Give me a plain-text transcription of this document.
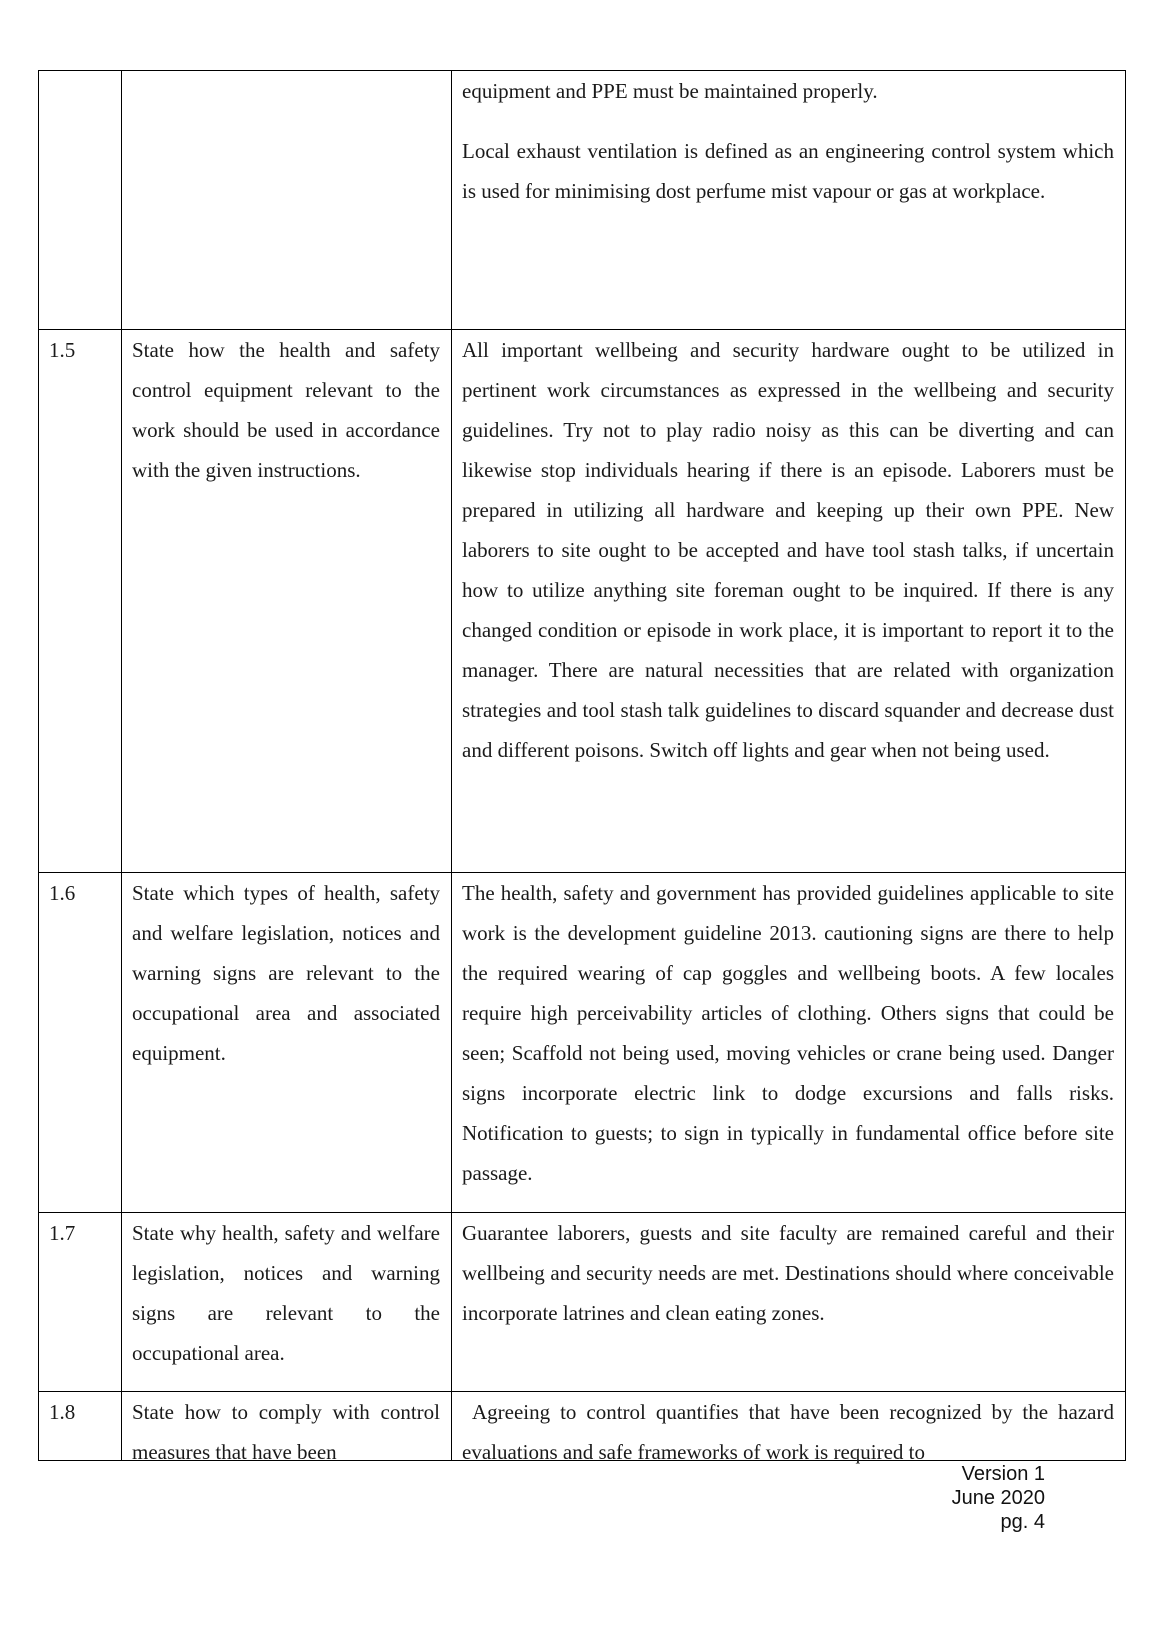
		equipment and PPE must be maintained properly.

Local exhaust ventilation is defined as an engineering control system which is used for minimising dost perfume mist vapour or gas at workplace.

1.5	State how the health and safety control equipment relevant to the work should be used in accordance with the given instructions.	All important wellbeing and security hardware ought to be utilized in pertinent work circumstances as expressed in the wellbeing and security guidelines. Try not to play radio noisy as this can be diverting and can likewise stop individuals hearing if there is an episode. Laborers must be prepared in utilizing all hardware and keeping up their own PPE. New laborers to site ought to be accepted and have tool stash talks, if uncertain how to utilize anything site foreman ought to be inquired. If there is any changed condition or episode in work place, it is important to report it to the manager. There are natural necessities that are related with organization strategies and tool stash talk guidelines to discard squander and decrease dust and different poisons. Switch off lights and gear when not being used.

1.6	State which types of health, safety and welfare legislation, notices and warning signs are relevant to the occupational area and associated equipment.	The health, safety and government has provided guidelines applicable to site work is the development guideline 2013. cautioning signs are there to help the required wearing of cap goggles and wellbeing boots. A few locales require high perceivability articles of clothing. Others signs that could be seen; Scaffold not being used, moving vehicles or crane being used. Danger signs incorporate electric link to dodge excursions and falls risks. Notification to guests; to sign in typically in fundamental office before site passage.

1.7	State why health, safety and welfare legislation, notices and warning signs are relevant to the occupational area.	Guarantee laborers, guests and site faculty are remained careful and their wellbeing and security needs are met. Destinations should where conceivable incorporate latrines and clean eating zones.

1.8	State how to comply with control measures that have been	Agreeing to control quantifies that have been recognized by the hazard evaluations and safe frameworks of work is required to

Version 1
June 2020
pg. 4
